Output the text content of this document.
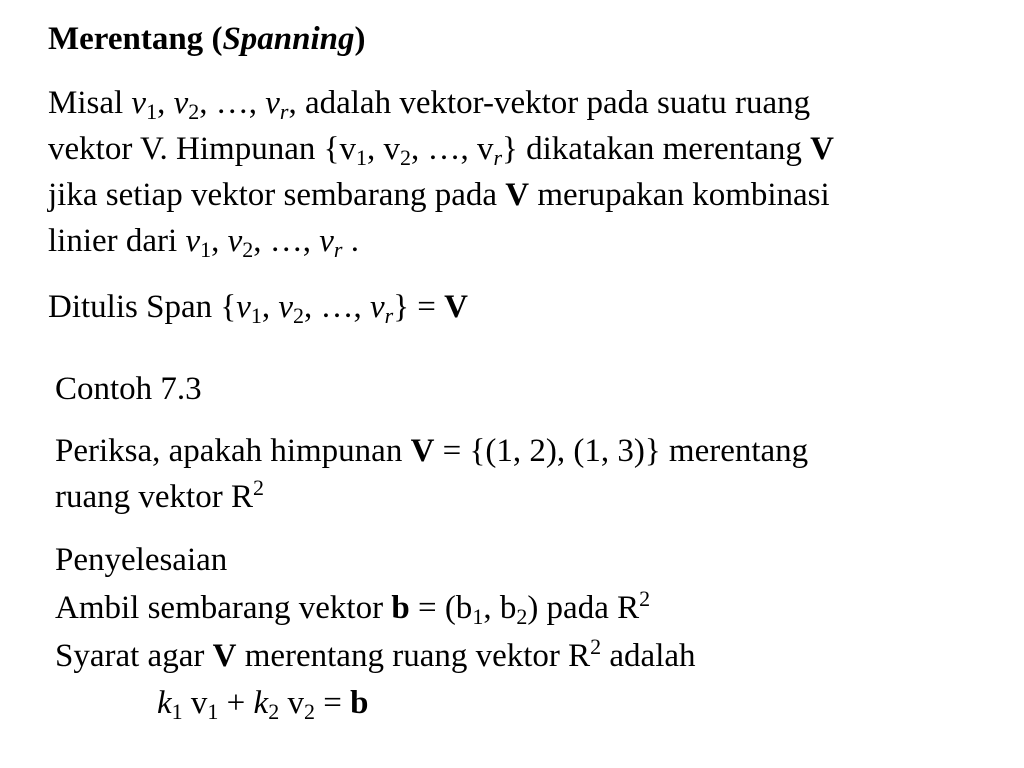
Merentang (Spanning)
Misal $v_1$, $v_2$, …, $v_r$, adalah vektor-vektor pada suatu ruang
vektor V. Himpunan {$v_1$, $v_2$, …, $v_r$} dikatakan merentang V
jika setiap vektor sembarang pada V merupakan kombinasi
linier dari $v_1$, $v_2$, …, $v_r$ .
Ditulis Span {$v_1$, $v_2$, …, $v_r\} = V$
Contoh 7.3
Periksa, apakah himpunan V = {(1, 2), (1, 3)} merentang
ruang vektor $R^2$
Penyelesaian
Ambil sembarang vektor $b = (b_1$, $b_2$) pada $R^2$
Syarat agar V merentang ruang vektor $R^2$ adalah
$k_1$ $v_1 + k_2$ $v_2 = b$
